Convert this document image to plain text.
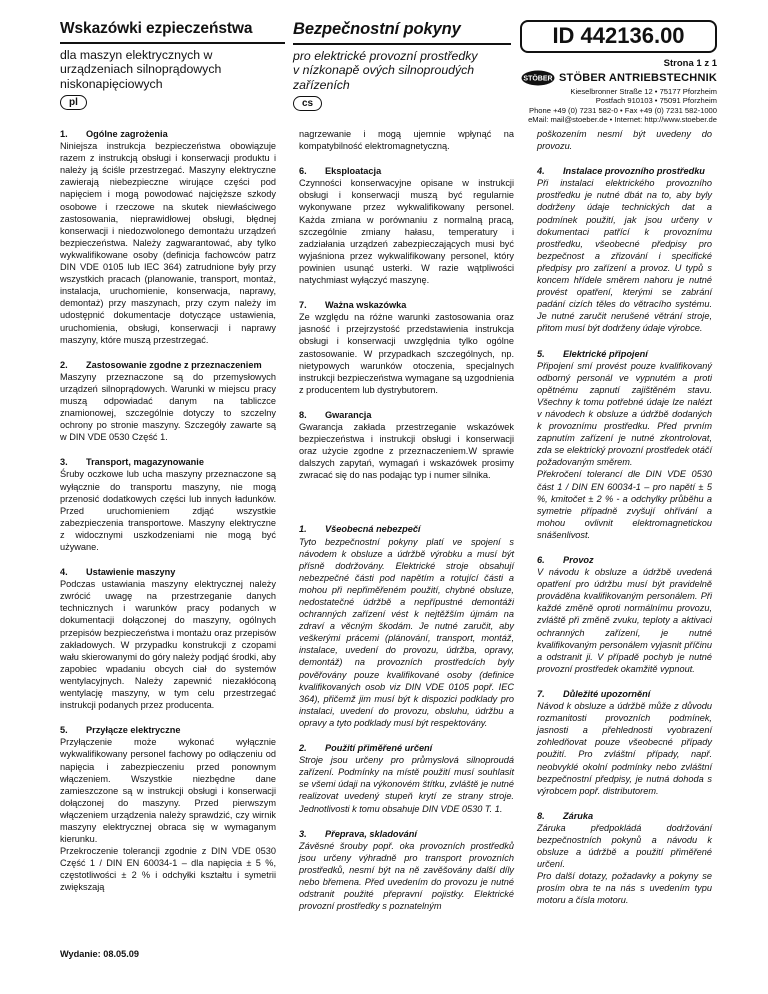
Wskazówki ezpieczeństwa
dla maszyn elektrycznych w
urządzeniach silnoprądowych
niskonapięciowych
pl
Bezpečnostní pokyny
pro elektrické provozní prostředky
v nízkonapě ových silnoproudých
zařízeních
cs
ID 442136.00
Strona 1 z 1
STÖBER STÖBER ANTRIEBSTECHNIK
Kieselbronner Straße 12 • 75177 Pforzheim
Postfach 910103 • 75091 Pforzheim
Phone +49 (0) 7231 582-0 • Fax +49 (0) 7231 582-1000
eMail: mail@stoeber.de • Internet: http://www.stoeber.de
1.	Ogólne zagrożenia

Niniejsza instrukcja bezpieczeństwa obowiązuje razem z instrukcją obsługi i konserwacji produktu i należy ją ściśle przestrzegać. Maszyny elektryczne zawierają niebezpieczne wirujące części pod napięciem i mogą powodować najcięższe szkody osobowe i rzeczowe na skutek niewłaściwego zastosowania, nieprawidłowej obsługi, błędnej konserwacji i niedozwolonego demontażu urządzeń bezpieczeństwa. Należy zagwarantować, aby tylko wykwalifikowane osoby (definicja fachowców patrz DIN VDE 0105 lub IEC 364) zatrudnione były przy wszystkich pracach (planowanie, transport, montaż, instalacja, uruchomienie, konserwacja, naprawy, demontaż) przy maszynach, przy czym należy im udostępnić dokumentacje dotyczące ustawienia, uruchomienia, obsługi, konserwacji i naprawy maszyny, które muszą przestrzegać.

2.	Zastosowanie zgodne z przeznaczeniem

Maszyny przeznaczone są do przemysłowych urządzeń silnoprądowych. Warunki w miejscu pracy muszą odpowiadać danym na tabliczce znamionowej, szczególnie dotyczy to szczelny ochrony po stronie maszyny. Szczegóły zawarte są w DIN VDE 0530 Część 1.

3.	Transport, magazynowanie

Śruby oczkowe lub ucha maszyny przeznaczone są wyłącznie do transportu maszyny, nie mogą przenosić dodatkowych części lub innych ładunków. Przed uruchomieniem zdjąć wszystkie zabezpieczenia transportowe. Maszyny elektryczne z widocznymi uszkodzeniami nie mogą być używane.

4.	Ustawienie maszyny

Podczas ustawiania maszyny elektrycznej należy zwrócić uwagę na przestrzeganie danych technicznych i warunków pracy podanych w dokumentacji dołączonej do maszyny, ogólnych przepisów bezpieczeństwa i montażu oraz przepisów zakładowych. W przypadku konstrukcji z czopami wału skierowanymi do góry należy podjąć środki, aby zapobiec wpadaniu obcych ciał do systemów wentylacyjnych. Należy zapewnić niezakłóconą wentylację maszyny, w tym celu przestrzegać instrukcji podanych przez producenta.

5.	Przyłącze elektryczne

Przyłączenie może wykonać wyłącznie wykwalifikowany personel fachowy po odłączeniu od napięcia i zabezpieczeniu przed ponownym włączeniem. Wszystkie niezbędne dane zamieszczone są w instrukcji obsługi i konserwacji dołączonej do maszyny. Przed pierwszym włączeniem urządzenia należy sprawdzić, czy wirnik maszyny elektrycznej obraca się w wymaganym kierunku.

Przekroczenie tolerancji zgodnie z DIN VDE 0530 Część 1 / DIN EN 60034-1 – dla napięcia ± 5 %, częstotliwości ± 2 % i odchyłki kształtu i symetrii zwiększają

nagrzewanie i mogą ujemnie wpłynąć na kompatybilność elektromagnetyczną.

6.	Eksploatacja

Czynności konserwacyjne opisane w instrukcji obsługi i konserwacji muszą być regularnie wykonywane przez wykwalifikowany personel. Każda zmiana w porównaniu z normalną pracą, szczególnie zmiany hałasu, temperatury i zadziałania urządzeń zabezpieczających musi być wyjaśniona przez wykwalifikowany personel, który powinien usunąć usterki. W razie wątpliwości natychmiast wyłączyć maszynę.

7.	Ważna wskazówka

Ze względu na różne warunki zastosowania oraz jasność i przejrzystość przedstawienia instrukcja obsługi i konserwacji uwzględnia tylko ogólne zastosowanie. W przypadkach szczególnych, np. nietypowych warunków otoczenia, specjalnych instrukcji bezpieczeństwa wymagane są uzgodnienia z producentem lub dystrybutorem.

8.	Gwarancja

Gwarancja zakłada przestrzeganie wskazówek bezpieczeństwa i instrukcji obsługi i konserwacji oraz użycie zgodne z przeznaczeniem.W sprawie dalszych zapytań, wymagań i wskazówek prosimy zwracać się do nas podając typ i numer silnika.

1.	Všeobecná nebezpečí

Tyto bezpečnostní pokyny platí ve spojení s návodem k obsluze a údržbě výrobku a musí být přísně dodržovány. Elektrické stroje obsahují nebezpečné části pod napětím a rotující části a mohou při nepřiměřeném použití, chybné obsluze, nedostatečné údržbě a nepřípustné demontáži ochranných zařízení vést k nejtěžším újmám na zdraví a věcným škodám. Je nutné zaručit, aby veškerými prácemi (plánování, transport, montáž, instalace, uvedení do provozu, údržba, opravy, demontáž) na provozních prostředcích byly pověřovány pouze kvalifikované osoby (definice kvalifikovaných osob viz DIN VDE 0105 popř. IEC 364), přičemž jim musí být k dispozici podklady pro instalaci, uvedení do provozu, obsluhu, údržbu a opravy a tyto podklady musí být respektovány.

2.	Použití přiměřené určení

Stroje jsou určeny pro průmyslová silnoproudá zařízení. Podmínky na místě použití musí souhlasit se všemi údaji na výkonovém štítku, zvláště je nutné realizovat uvedený stupeň krytí ze strany stroje. Jednotlivosti k tomu obsahuje DIN VDE 0530 T. 1.

3.	Přeprava, skladování

Závěsné šrouby popř. oka provozních prostředků jsou určeny výhradně pro transport provozních prostředků, nesmí být na ně zavěšovány další díly nebo břemena. Před uvedením do provozu je nutné odstranit použité přepravní pojistky. Elektrické provozní prostředky s poznatelným

poškozením nesmí být uvedeny do provozu.

4.	Instalace provozního prostředku

Při instalaci elektrického provozního prostředku je nutné dbát na to, aby byly dodrženy údaje technických dat a podmínek použití, jak jsou určeny v dokumentaci patřící k provoznímu prostředku, všeobecné předpisy pro bezpečnost a zřizování i specifické předpisy pro zařízení a provoz. U typů s koncem hřídele směrem nahoru je nutné provést opatření, kterými se zabrání padání cizích těles do větracího systému. Je nutné zaručit nerušené větrání stroje, přitom musí být dodrženy údaje výrobce.

5.	Elektrické připojení

Připojení smí provést pouze kvalifikovaný odborný personál ve vypnutém a proti opětnému zapnutí zajištěném stavu. Všechny k tomu potřebné údaje lze nalézt v návodech k obsluze a údržbě dodaných k provoznímu prostředku. Před prvním zapnutím zařízení je nutné zkontrolovat, zda se elektrický provozní prostředek otáčí požadovaným směrem.

Překročení tolerancí dle DIN VDE 0530 část 1 / DIN EN 60034-1 – pro napětí ± 5 %, kmitočet ± 2 % - a odchylky průběhu a symetrie případně zvyšují ohřívání a mohou ovlivnit elektromagnetickou snášenlivost.

6.	Provoz

V návodu k obsluze a údržbě uvedená opatření pro údržbu musí být pravidelně prováděna kvalifikovaným personálem. Při každé změně oproti normálnímu provozu, zvláště při změně zvuku, teploty a aktivaci ochranných zařízení, je nutné kvalifikovaným personálem vyjasnit příčinu a odstranit ji. V případě pochyb je nutné provozní prostředek okamžitě vypnout.

7.	Důležité upozornění

Návod k obsluze a údržbě může z důvodu rozmanitosti provozních podmínek, jasnosti a přehlednosti vyobrazení zohledňovat pouze všeobecné případy použití. Pro zvláštní případy, např. neobvyklé okolní podmínky nebo zvláštní bezpečnostní předpisy, je nutná dohoda s výrobcem popř. distributorem.

8.	Záruka

Záruka předpokládá dodržování bezpečnostních pokynů a návodu k obsluze a údržbě a použití přiměřené určení.

Pro další dotazy, požadavky a pokyny se prosím obra te na nás s uvedením typu motoru a čísla motoru.

Wydanie: 08.05.09
